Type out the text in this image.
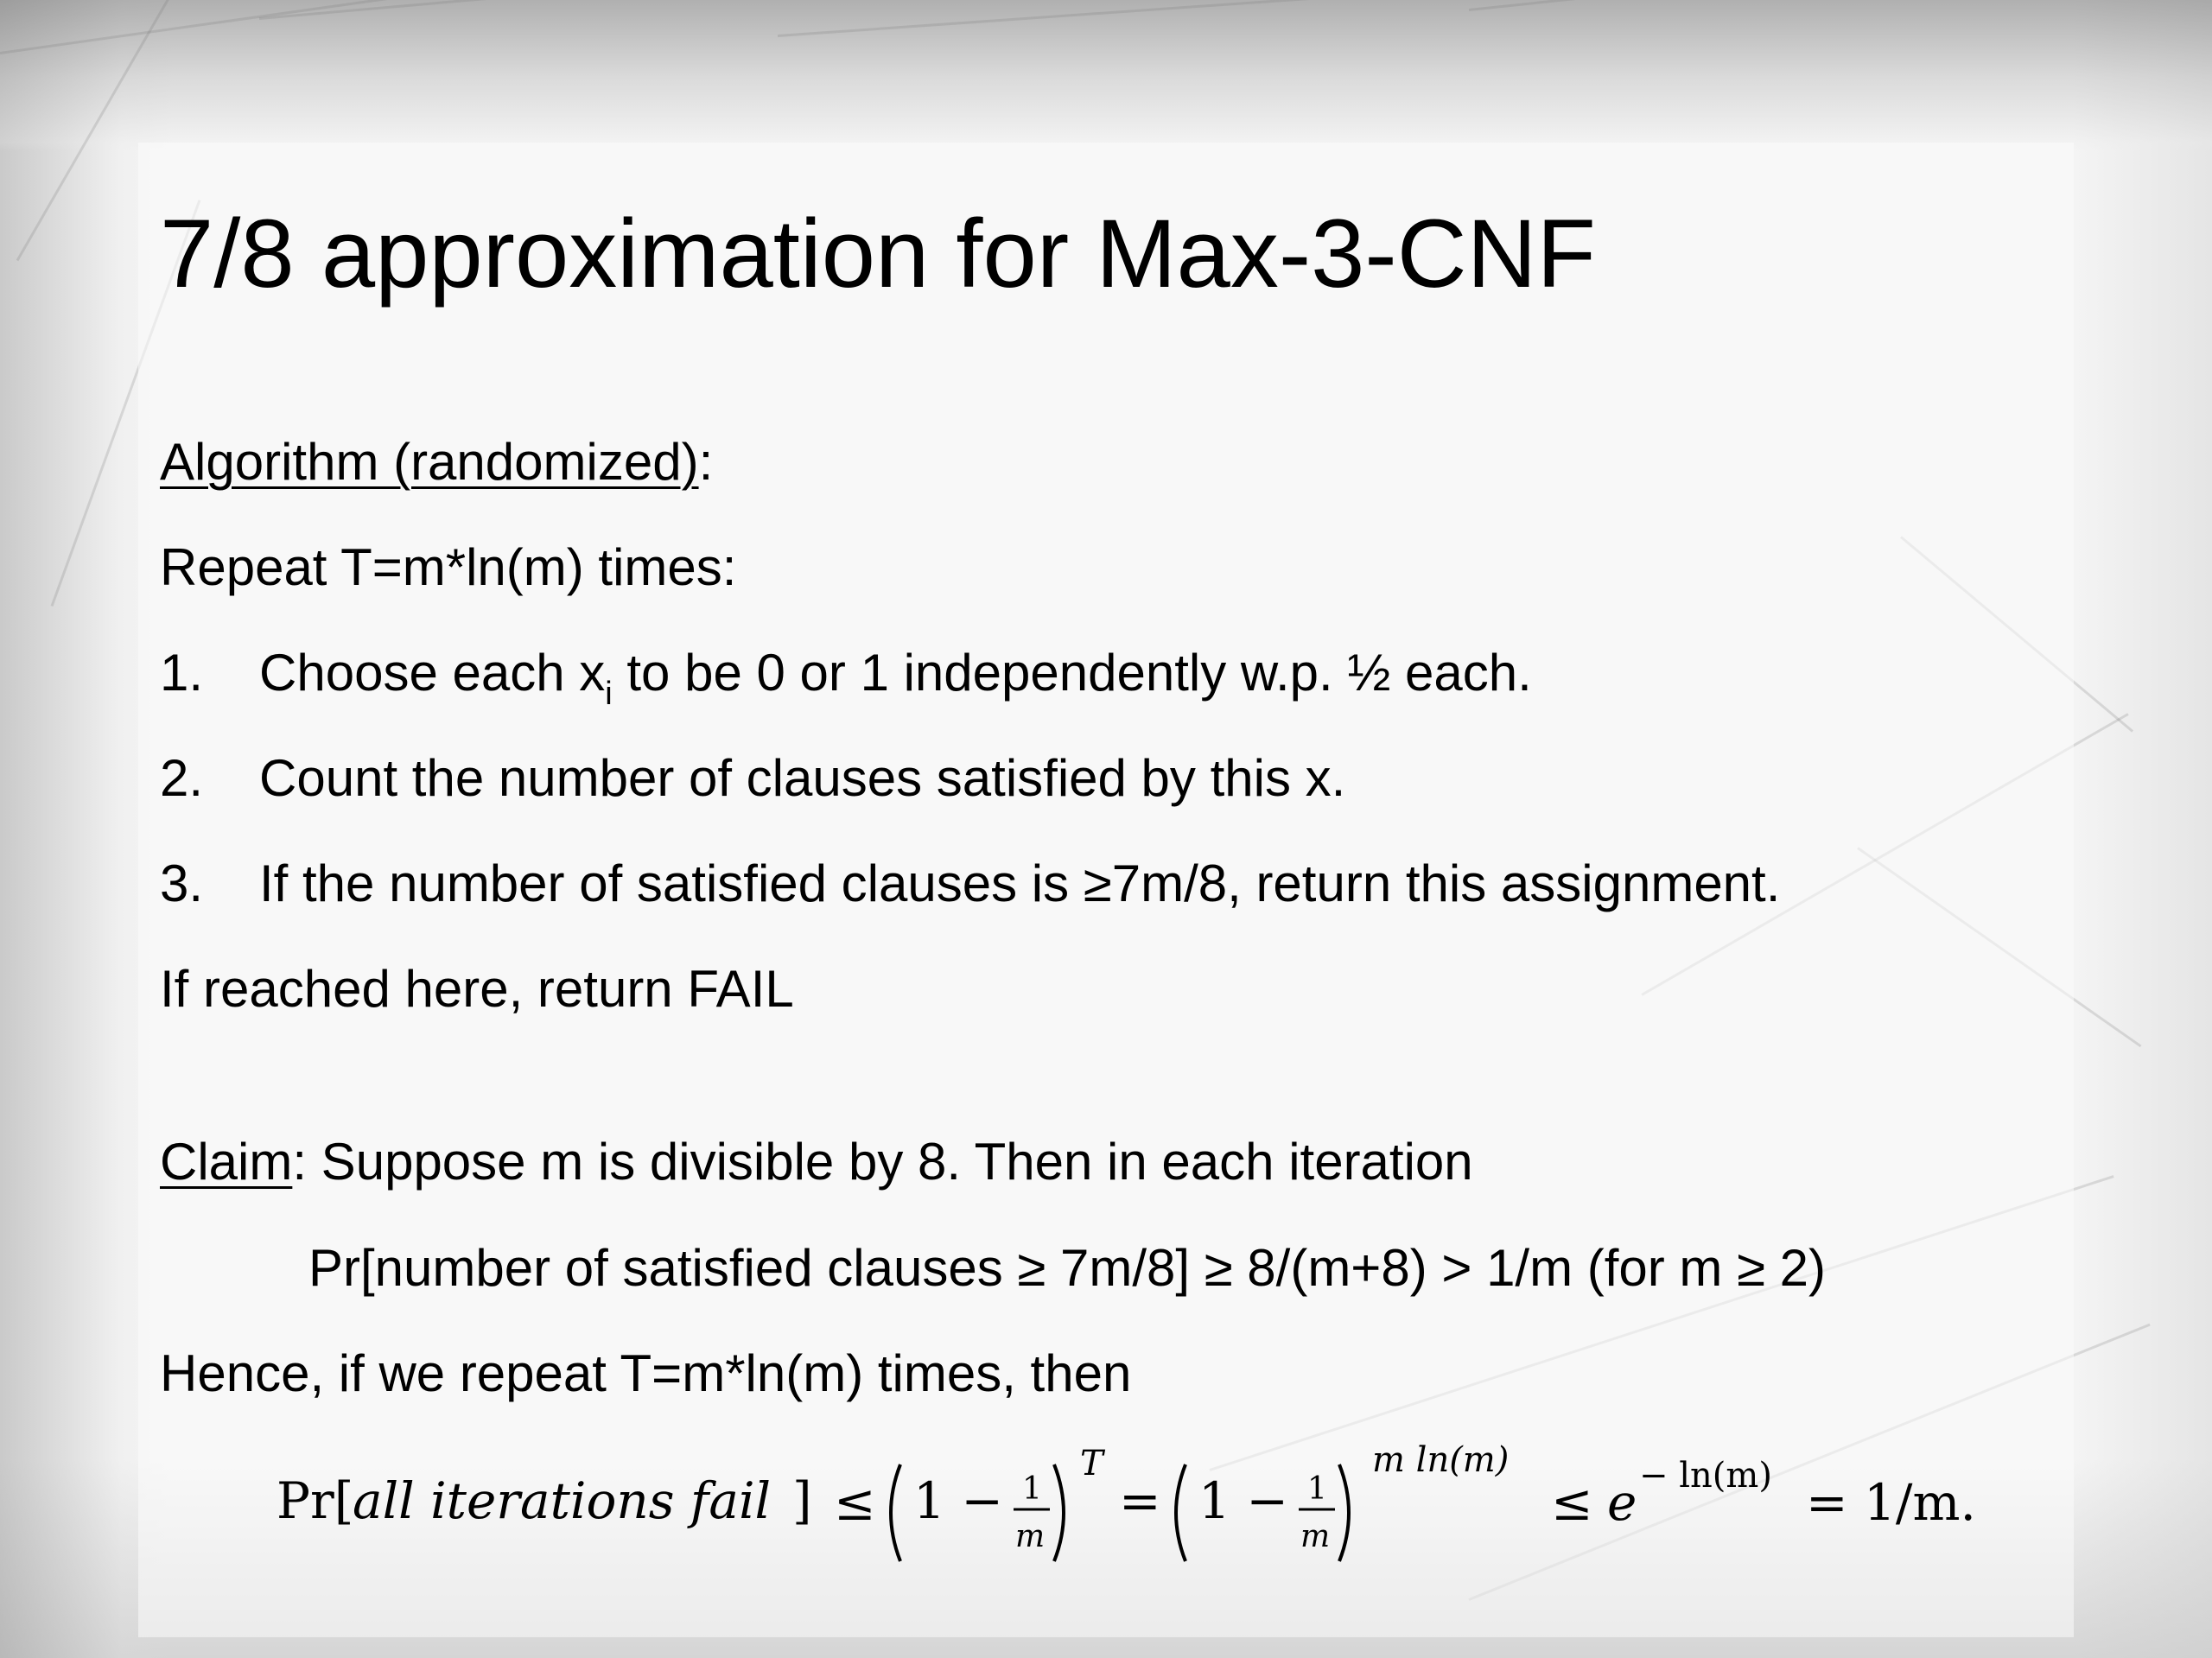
7/8 approximation for Max-3-CNF
Algorithm (randomized):
Repeat T=m*ln(m) times:
1. Choose each $x_i$ to be 0 or 1 independently w.p. ½ each.
2. Count the number of clauses satisfied by this x.
3. If the number of satisfied clauses is ≥7m/8, return this assignment.
If reached here, return FAIL
Claim: Suppose m is divisible by 8. Then in each iteration
Pr[number of satisfied clauses ≥ 7m/8] ≥ 8/(m+8) > 1/m (for m ≥ 2)
Hence, if we repeat T=m*ln(m) times, then
Pr[
all iterations fail ] ≤ 1 − 1
m
T
= 1 − 1
m
m ln(m)
≤ e − ln(m) = 1/m.
